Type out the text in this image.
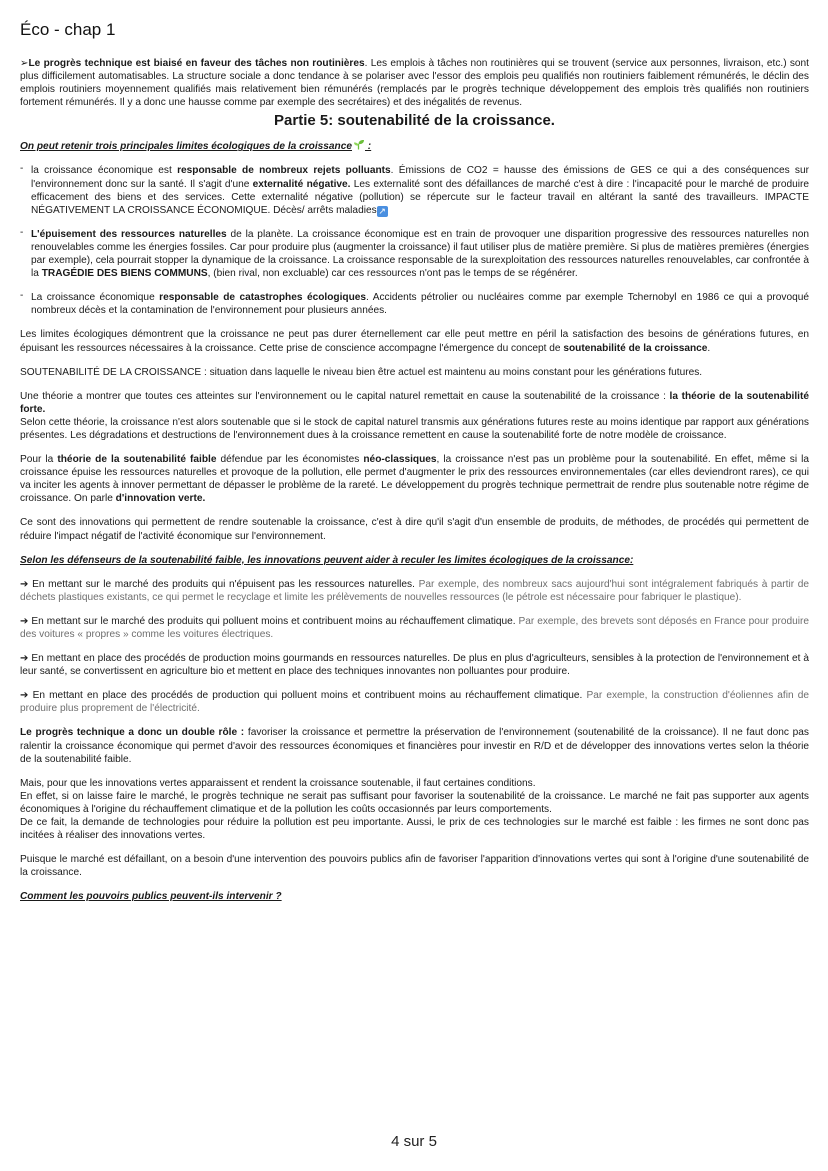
Éco - chap 1

➢Le progrès technique est biaisé en faveur des tâches non routinières. Les emplois à tâches non routinières qui se trouvent (service aux personnes, livraison, etc.) sont plus difficilement automatisables. La structure sociale a donc tendance à se polariser avec l'essor des emplois peu qualifiés non routiniers faiblement rémunérés, le déclin des emplois routiniers moyennement qualifiés mais relativement bien rémunérés (remplacés par le progrès technique développement des emplois très qualifiés non routiniers fortement rémunérés. Il y a donc une hausse comme par exemple des secrétaires) et des inégalités de revenus.

Partie 5: soutenabilité de la croissance.

On peut retenir trois principales limites écologiques de la croissance :

- la croissance économique est responsable de nombreux rejets polluants. Émissions de CO2 = hausse des émissions de GES ce qui a des conséquences sur l'environnement donc sur la santé. Il s'agit d'une externalité négative. Les externalité sont des défaillances de marché c'est à dire : l'incapacité pour le marché de produire efficacement des biens et des services. Cette externalité négative (pollution) se répercute sur le facteur travail en altérant la santé des travailleurs. IMPACTE NÉGATIVEMENT LA CROISSANCE ÉCONOMIQUE. Décès/ arrêts maladies ↗

- L'épuisement des ressources naturelles de la planète. La croissance économique est en train de provoquer une disparition progressive des ressources naturelles non renouvelables comme les énergies fossiles. Car pour produire plus (augmenter la croissance) il faut utiliser plus de matière première. Si plus de matières premières (énergies par exemple), cela pourrait stopper la dynamique de la croissance. La croissance responsable de la surexploitation des ressources naturelles renouvelables, car confrontée à la TRAGÉDIE DES BIENS COMMUNS, (bien rival, non excluable) car ces ressources n'ont pas le temps de se régénérer.

- La croissance économique responsable de catastrophes écologiques. Accidents pétrolier ou nucléaires comme par exemple Tchernobyl en 1986 ce qui a provoqué nombreux décès et la contamination de l'environnement pour plusieurs années.

Les limites écologiques démontrent que la croissance ne peut pas durer éternellement car elle peut mettre en péril la satisfaction des besoins de générations futures, en épuisant les ressources nécessaires à la croissance. Cette prise de conscience accompagne l'émergence du concept de soutenabilité de la croissance.

SOUTENABILITÉ DE LA CROISSANCE : situation dans laquelle le niveau bien être actuel est maintenu au moins constant pour les générations futures.

Une théorie a montrer que toutes ces atteintes sur l'environnement ou le capital naturel remettait en cause la soutenabilité de la croissance : la théorie de la soutenabilité forte.

Selon cette théorie, la croissance n'est alors soutenable que si le stock de capital naturel transmis aux générations futures reste au moins identique par rapport aux générations présentes. Les dégradations et destructions de l'environnement dues à la croissance remettent en cause la soutenabilité forte de notre modèle de croissance.

Pour la théorie de la soutenabilité faible défendue par les économistes néo-classiques, la croissance n'est pas un problème pour la soutenabilité. En effet, même si la croissance épuise les ressources naturelles et provoque de la pollution, elle permet d'augmenter le prix des ressources environnementales (car elles deviendront rares), ce qui va inciter les agents à innover permettant de dépasser le problème de la rareté. Le développement du progrès technique permettrait de rendre plus soutenable notre régime de croissance. On parle d'innovation verte.

Ce sont des innovations qui permettent de rendre soutenable la croissance, c'est à dire qu'il s'agit d'un ensemble de produits, de méthodes, de procédés qui permettent de réduire l'impact négatif de l'activité économique sur l'environnement.

Selon les défenseurs de la soutenabilité faible, les innovations peuvent aider à reculer les limites écologiques de la croissance:

➔ En mettant sur le marché des produits qui n'épuisent pas les ressources naturelles. Par exemple, des nombreux sacs aujourd'hui sont intégralement fabriqués à partir de déchets plastiques existants, ce qui permet le recyclage et limite les prélèvements de nouvelles ressources (le pétrole est nécessaire pour fabriquer le plastique).

➔ En mettant sur le marché des produits qui polluent moins et contribuent moins au réchauffement climatique. Par exemple, des brevets sont déposés en France pour produire des voitures « propres » comme les voitures électriques.

➔ En mettant en place des procédés de production moins gourmands en ressources naturelles. De plus en plus d'agriculteurs, sensibles à la protection de l'environnement et à leur santé, se convertissent en agriculture bio et mettent en place des techniques innovantes non polluantes pour produire.

➔ En mettant en place des procédés de production qui polluent moins et contribuent moins au réchauffement climatique. Par exemple, la construction d'éoliennes afin de produire plus proprement de l'électricité.

Le progrès technique a donc un double rôle : favoriser la croissance et permettre la préservation de l'environnement (soutenabilité de la croissance). Il ne faut donc pas ralentir la croissance économique qui permet d'avoir des ressources économiques et financières pour investir en R/D et de développer des innovations vertes selon la théorie de la soutenabilité faible.

Mais, pour que les innovations vertes apparaissent et rendent la croissance soutenable, il faut certaines conditions.

En effet, si on laisse faire le marché, le progrès technique ne serait pas suffisant pour favoriser la soutenabilité de la croissance. Le marché ne fait pas supporter aux agents économiques à l'origine du réchauffement climatique et de la pollution les coûts occasionnés par leurs comportements.

De ce fait, la demande de technologies pour réduire la pollution est peu importante. Aussi, le prix de ces technologies sur le marché est faible : les firmes ne sont donc pas incitées à réaliser des innovations vertes.

Puisque le marché est défaillant, on a besoin d'une intervention des pouvoirs publics afin de favoriser l'apparition d'innovations vertes qui sont à l'origine d'une soutenabilité de la croissance.

Comment les pouvoirs publics peuvent-ils intervenir ?

4 sur 5
